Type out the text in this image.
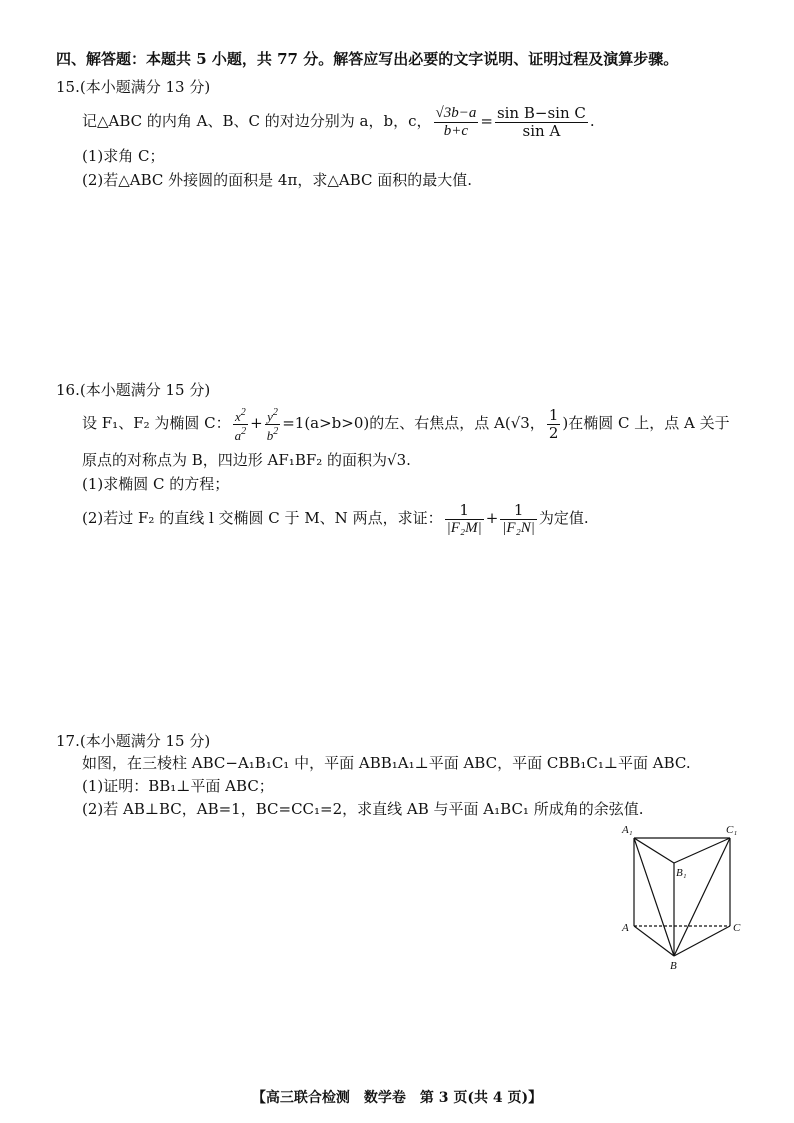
四、解答题：本题共 5 小题，共 77 分。解答应写出必要的文字说明、证明过程及演算步骤。
15.(本小题满分 13 分)
记△ABC 的内角 A、B、C 的对边分别为 a，b，c， $\frac{√3b-a}{b+c} = \frac{\text{sin B−sin C}}{\text{sin A}}$ .
(1)求角 C；
(2)若△ABC 外接圆的面积是 4π，求△ABC 面积的最大值.
16.(本小题满分 15 分)
设 F₁、F₂ 为椭圆 C： $\frac{x^2}{a^2} + \frac{y^2}{b^2} =1(a>b>0)$的左、右焦点，点 A(√3， $\frac{1}{2}$ )在椭圆 C 上，点 A 关于
原点的对称点为 B，四边形 AF₁BF₂ 的面积为√3.
(1)求椭圆 C 的方程；
(2)若过 F₂ 的直线 l 交椭圆 C 于 M、N 两点，求证： $\frac{1}{\text{|F₂M|}} + \frac{1}{\text{|F₂N|}}$ 为定值.
17.(本小题满分 15 分)
如图，在三棱柱 ABC−A₁B₁C₁ 中，平面 ABB₁A₁⊥平面 ABC，平面 CBB₁C₁⊥平面 ABC.
(1)证明：BB₁⊥平面 ABC；
(2)若 AB⊥BC，AB=1，BC=CC₁=2，求直线 AB 与平面 A₁BC₁ 所成角的余弦值.
A₁	C₁
B₁
A	C
B
【高三联合检测　数学卷　第 3 页(共 4 页)】
